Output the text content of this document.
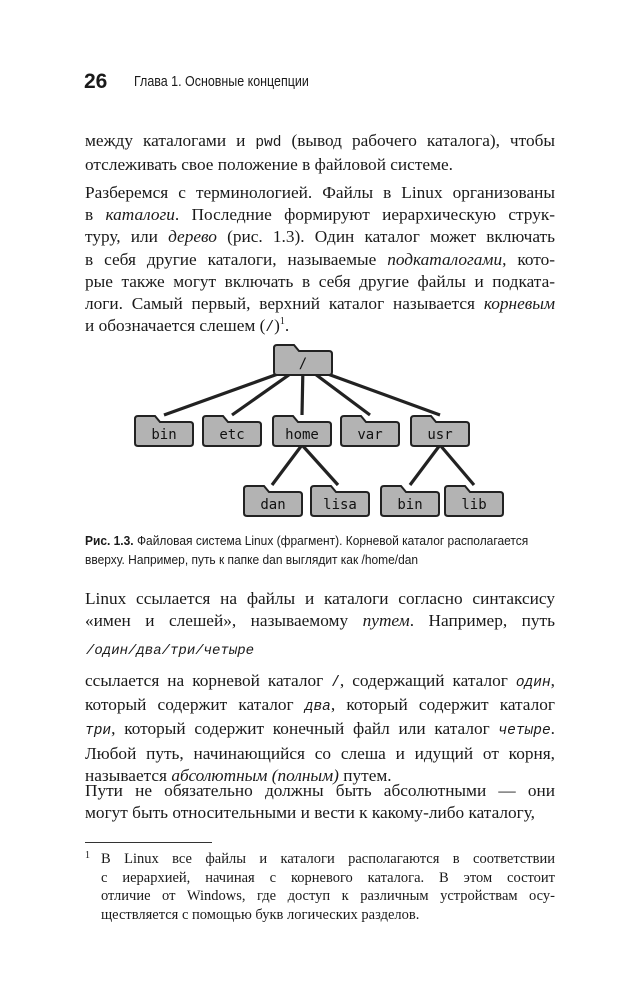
26 Глава 1. Основные концепции
между каталогами и pwd (вывод рабочего каталога), чтобы
отслеживать свое положение в файловой системе.
Разберемся с терминологией. Файлы в Linux организованы
в каталоги. Последние формируют иерархическую струк-
туру, или дерево (рис. 1.3). Один каталог может включать
в себя другие каталоги, называемые подкаталогами, кото-
рые также могут включать в себя другие файлы и подката-
логи. Самый первый, верхний каталог называется корневым
и обозначается слешем $(/)^1$.
/
bin	etc	home	var	usr
dan	lisa	bin	lib
Рис. 1.3. Файловая система Linux (фрагмент). Корневой каталог располагается
вверху. Например, путь к папке dan выглядит как /home/dan
Linux ссылается на файлы и каталоги согласно синтаксису
«имен и слешей», называемому путем. Например, путь
/один/два/три/четыре
ссылается на корневой каталог /, содержащий каталог один,
который содержит каталог два, который содержит каталог
три, который содержит конечный файл или каталог четыре.
Любой путь, начинающийся со слеша и идущий от корня,
называется абсолютным (полным) путем.
Пути не обязательно должны быть абсолютными — они
могут быть относительными и вести к какому-либо каталогу,
1 В Linux все файлы и каталоги располагаются в соответствии
с иерархией, начиная с корневого каталога. В этом состоит
отличие от Windows, где доступ к различным устройствам осу-
ществляется с помощью букв логических разделов.
